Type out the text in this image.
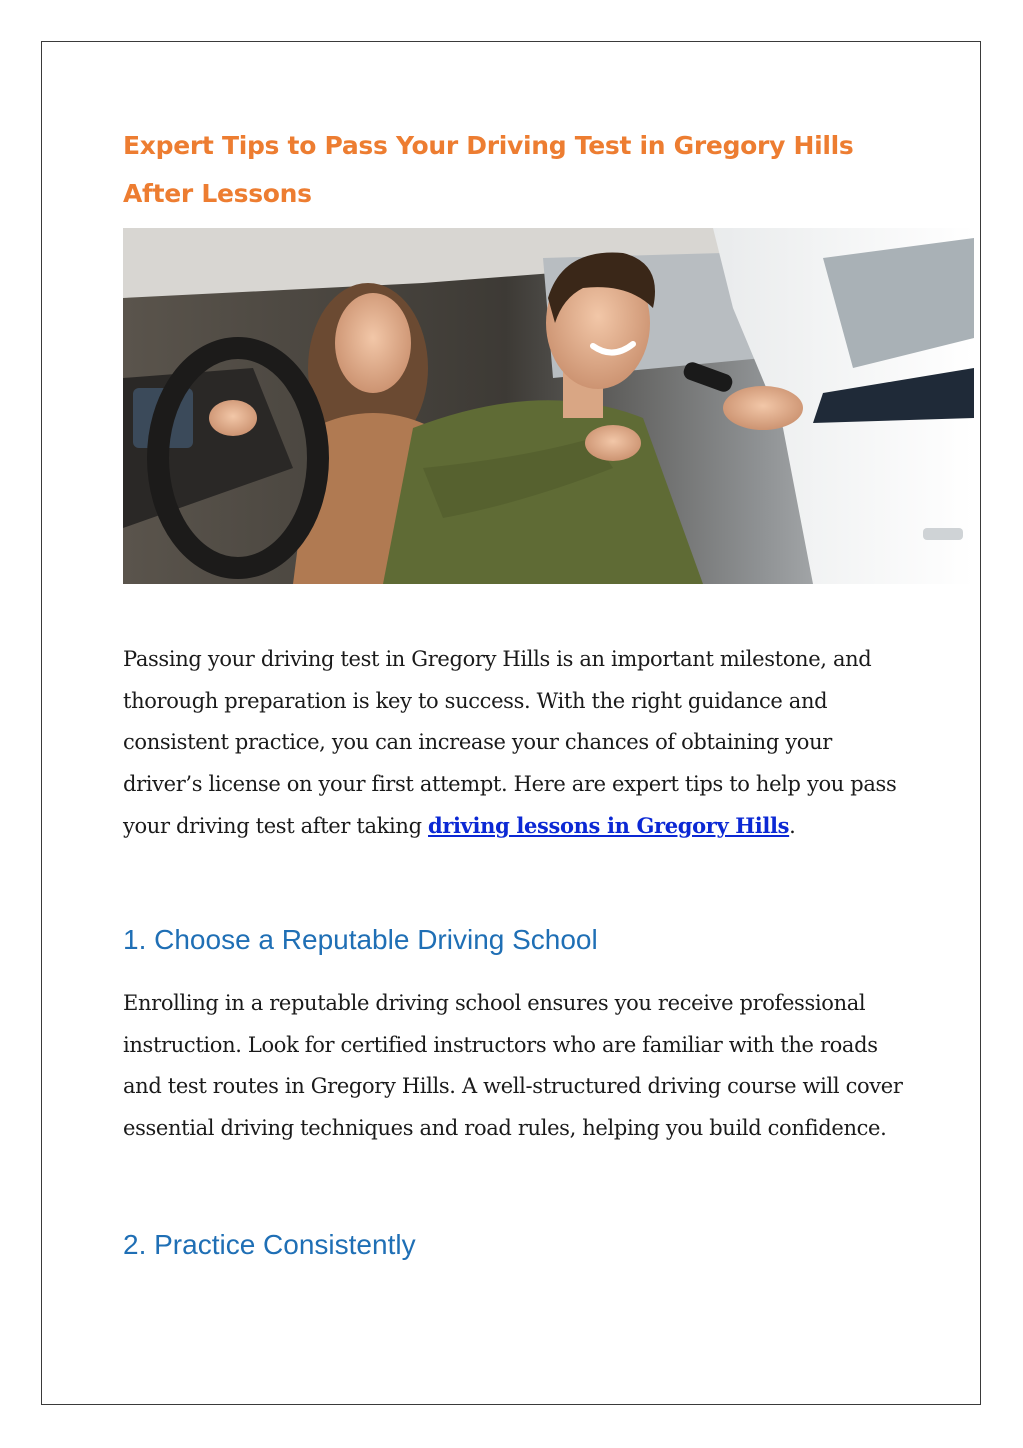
Expert Tips to Pass Your Driving Test in Gregory Hills After Lessons

Passing your driving test in Gregory Hills is an important milestone, and thorough preparation is key to success. With the right guidance and consistent practice, you can increase your chances of obtaining your driver’s license on your first attempt. Here are expert tips to help you pass your driving test after taking driving lessons in Gregory Hills.

1. Choose a Reputable Driving School

Enrolling in a reputable driving school ensures you receive professional instruction. Look for certified instructors who are familiar with the roads and test routes in Gregory Hills. A well-structured driving course will cover essential driving techniques and road rules, helping you build confidence.

2. Practice Consistently
